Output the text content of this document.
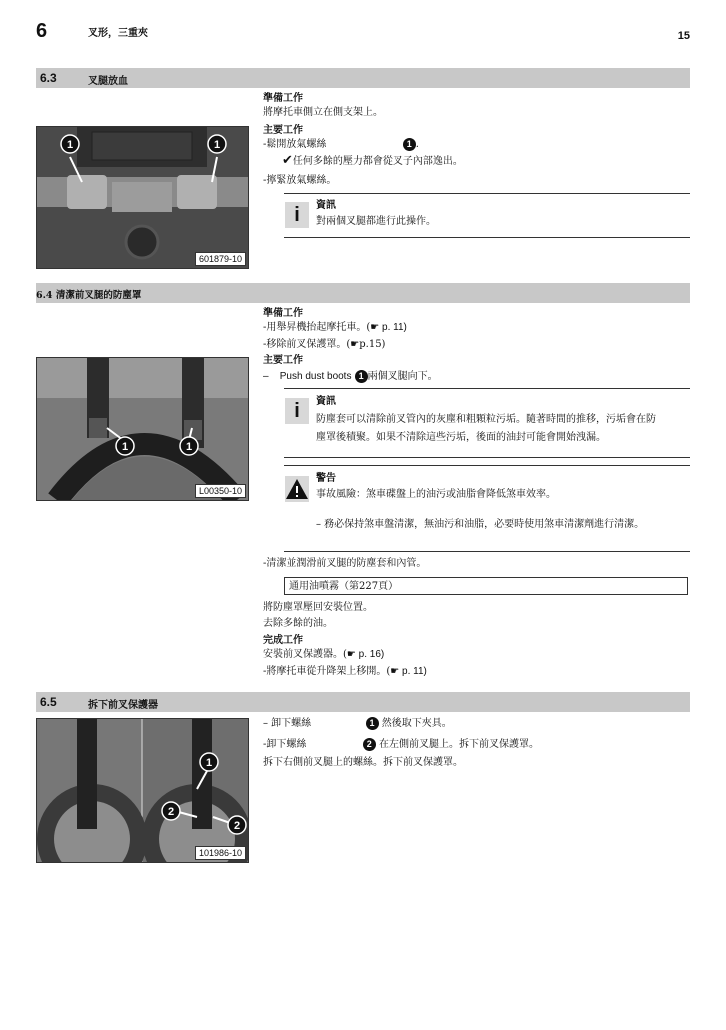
6	叉形，三重夾	15
6.3	叉腿放血
1	1
601879-10
準備工作
將摩托車側立在側支架上。
主要工作
-鬆開放氣螺絲	1 .
✔任何多餘的壓力都會從叉子內部逸出。
-擰緊放氣螺絲。
i	資訊
對兩個叉腿都進行此操作。
6.4 清潔前叉腿的防塵罩
1	1
L00350-10
準備工作
-用舉昇機抬起摩托車。(☛ p. 11)
-移除前叉保護罩。(☛p.15)
主要工作
– Push dust boots 1 兩個叉腿向下。
i	資訊
防塵套可以清除前叉管內的灰塵和粗顆粒污垢。隨著時間的推移，污垢會在防
塵罩後積聚。如果不清除這些污垢，後面的油封可能會開始洩漏。
警告
事故風險：煞車碟盤上的油污或油脂會降低煞車效率。
– 務必保持煞車盤清潔，無油污和油脂，必要時使用煞車清潔劑進行清潔。
-清潔並潤滑前叉腿的防塵套和內管。
通用油噴霧（第227頁）
將防塵罩壓回安裝位置。
去除多餘的油。
完成工作
安裝前叉保護器。(☛ p. 16)
-將摩托車從升降架上移開。(☛ p. 11)
6.5	拆下前叉保護器
1
2
2
101986-10
– 卸下螺絲	1 然後取下夾具。
-卸下螺絲	2 在左側前叉腿上。拆下前叉保護罩。
拆下右側前叉腿上的螺絲。拆下前叉保護罩。
